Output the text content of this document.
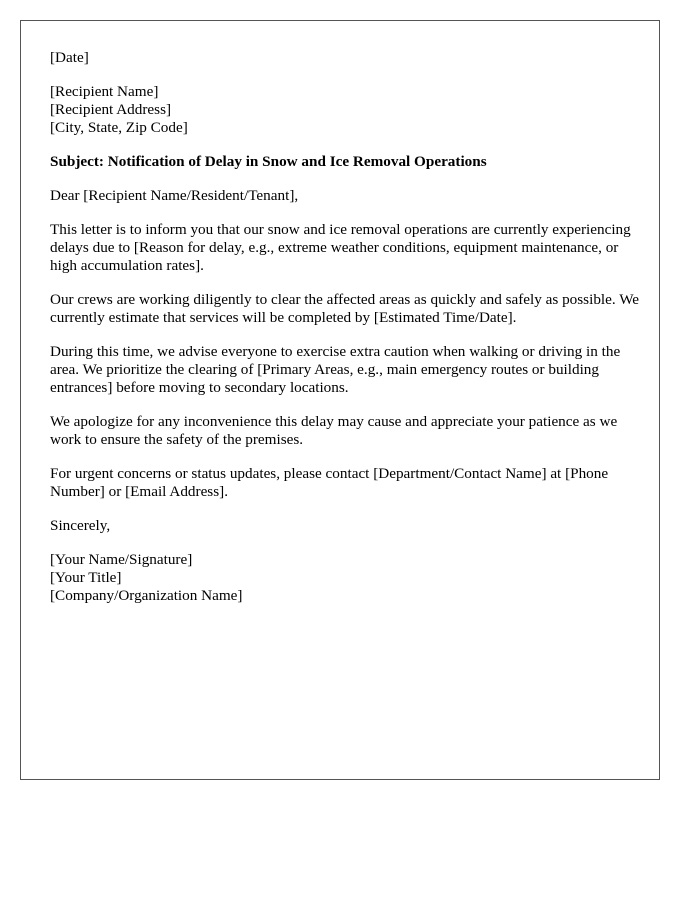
[Date]

[Recipient Name]
[Recipient Address]
[City, State, Zip Code]

Subject: Notification of Delay in Snow and Ice Removal Operations

Dear [Recipient Name/Resident/Tenant],

This letter is to inform you that our snow and ice removal operations are currently experiencing delays due to [Reason for delay, e.g., extreme weather conditions, equipment maintenance, or high accumulation rates].

Our crews are working diligently to clear the affected areas as quickly and safely as possible. We currently estimate that services will be completed by [Estimated Time/Date].

During this time, we advise everyone to exercise extra caution when walking or driving in the area. We prioritize the clearing of [Primary Areas, e.g., main emergency routes or building entrances] before moving to secondary locations.

We apologize for any inconvenience this delay may cause and appreciate your patience as we work to ensure the safety of the premises.

For urgent concerns or status updates, please contact [Department/Contact Name] at [Phone Number] or [Email Address].

Sincerely,

[Your Name/Signature]
[Your Title]
[Company/Organization Name]
